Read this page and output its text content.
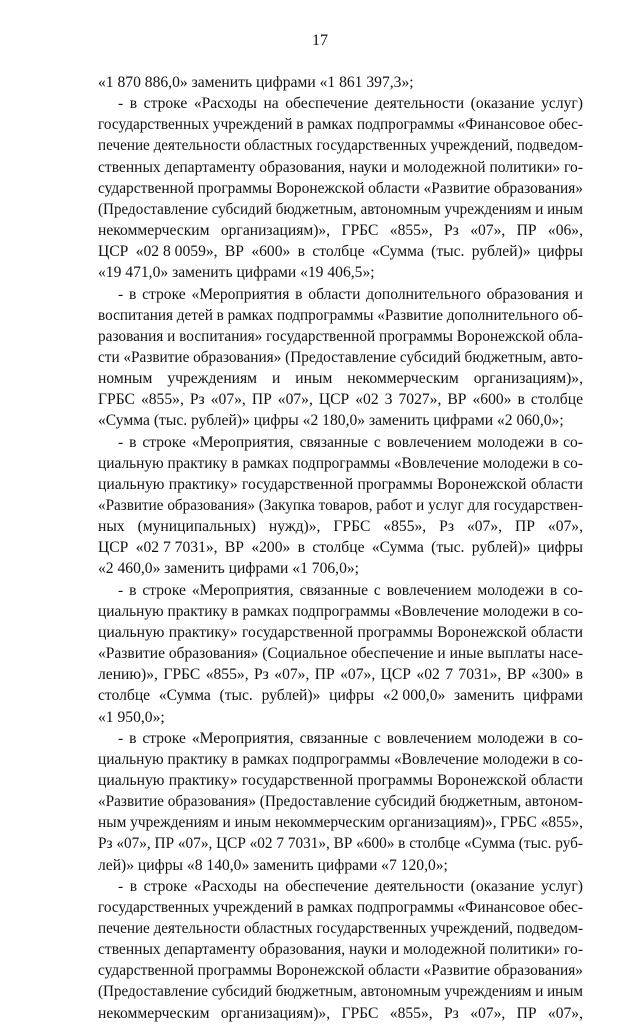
17
«1 870 886,0» заменить цифрами «1 861 397,3»;
- в строке «Расходы на обеспечение деятельности (оказание услуг)
государственных учреждений в рамках подпрограммы «Финансовое обес-
печение деятельности областных государственных учреждений, подведом-
ственных департаменту образования, науки и молодежной политики» го-
сударственной программы Воронежской области «Развитие образования»
(Предоставление субсидий бюджетным, автономным учреждениям и иным
некоммерческим организациям)», ГРБС «855», Рз «07», ПР «06»,
ЦСР «02 8 0059», ВР «600» в столбце «Сумма (тыс. рублей)» цифры
«19 471,0» заменить цифрами «19 406,5»;
- в строке «Мероприятия в области дополнительного образования и
воспитания детей в рамках подпрограммы «Развитие дополнительного об-
разования и воспитания» государственной программы Воронежской обла-
сти «Развитие образования» (Предоставление субсидий бюджетным, авто-
номным учреждениям и иным некоммерческим организациям)»,
ГРБС «855», Рз «07», ПР «07», ЦСР «02 3 7027», ВР «600» в столбце
«Сумма (тыс. рублей)» цифры «2 180,0» заменить цифрами «2 060,0»;
- в строке «Мероприятия, связанные с вовлечением молодежи в со-
циальную практику в рамках подпрограммы «Вовлечение молодежи в со-
циальную практику» государственной программы Воронежской области
«Развитие образования» (Закупка товаров, работ и услуг для государствен-
ных (муниципальных) нужд)», ГРБС «855», Рз «07», ПР «07»,
ЦСР «02 7 7031», ВР «200» в столбце «Сумма (тыс. рублей)» цифры
«2 460,0» заменить цифрами «1 706,0»;
- в строке «Мероприятия, связанные с вовлечением молодежи в со-
циальную практику в рамках подпрограммы «Вовлечение молодежи в со-
циальную практику» государственной программы Воронежской области
«Развитие образования» (Социальное обеспечение и иные выплаты насе-
лению)», ГРБС «855», Рз «07», ПР «07», ЦСР «02 7 7031», ВР «300» в
столбце «Сумма (тыс. рублей)» цифры «2 000,0» заменить цифрами
«1 950,0»;
- в строке «Мероприятия, связанные с вовлечением молодежи в со-
циальную практику в рамках подпрограммы «Вовлечение молодежи в со-
циальную практику» государственной программы Воронежской области
«Развитие образования» (Предоставление субсидий бюджетным, автоном-
ным учреждениям и иным некоммерческим организациям)», ГРБС «855»,
Рз «07», ПР «07», ЦСР «02 7 7031», ВР «600» в столбце «Сумма (тыс. руб-
лей)» цифры «8 140,0» заменить цифрами «7 120,0»;
- в строке «Расходы на обеспечение деятельности (оказание услуг)
государственных учреждений в рамках подпрограммы «Финансовое обес-
печение деятельности областных государственных учреждений, подведом-
ственных департаменту образования, науки и молодежной политики» го-
сударственной программы Воронежской области «Развитие образования»
(Предоставление субсидий бюджетным, автономным учреждениям и иным
некоммерческим организациям)», ГРБС «855», Рз «07», ПР «07»,
